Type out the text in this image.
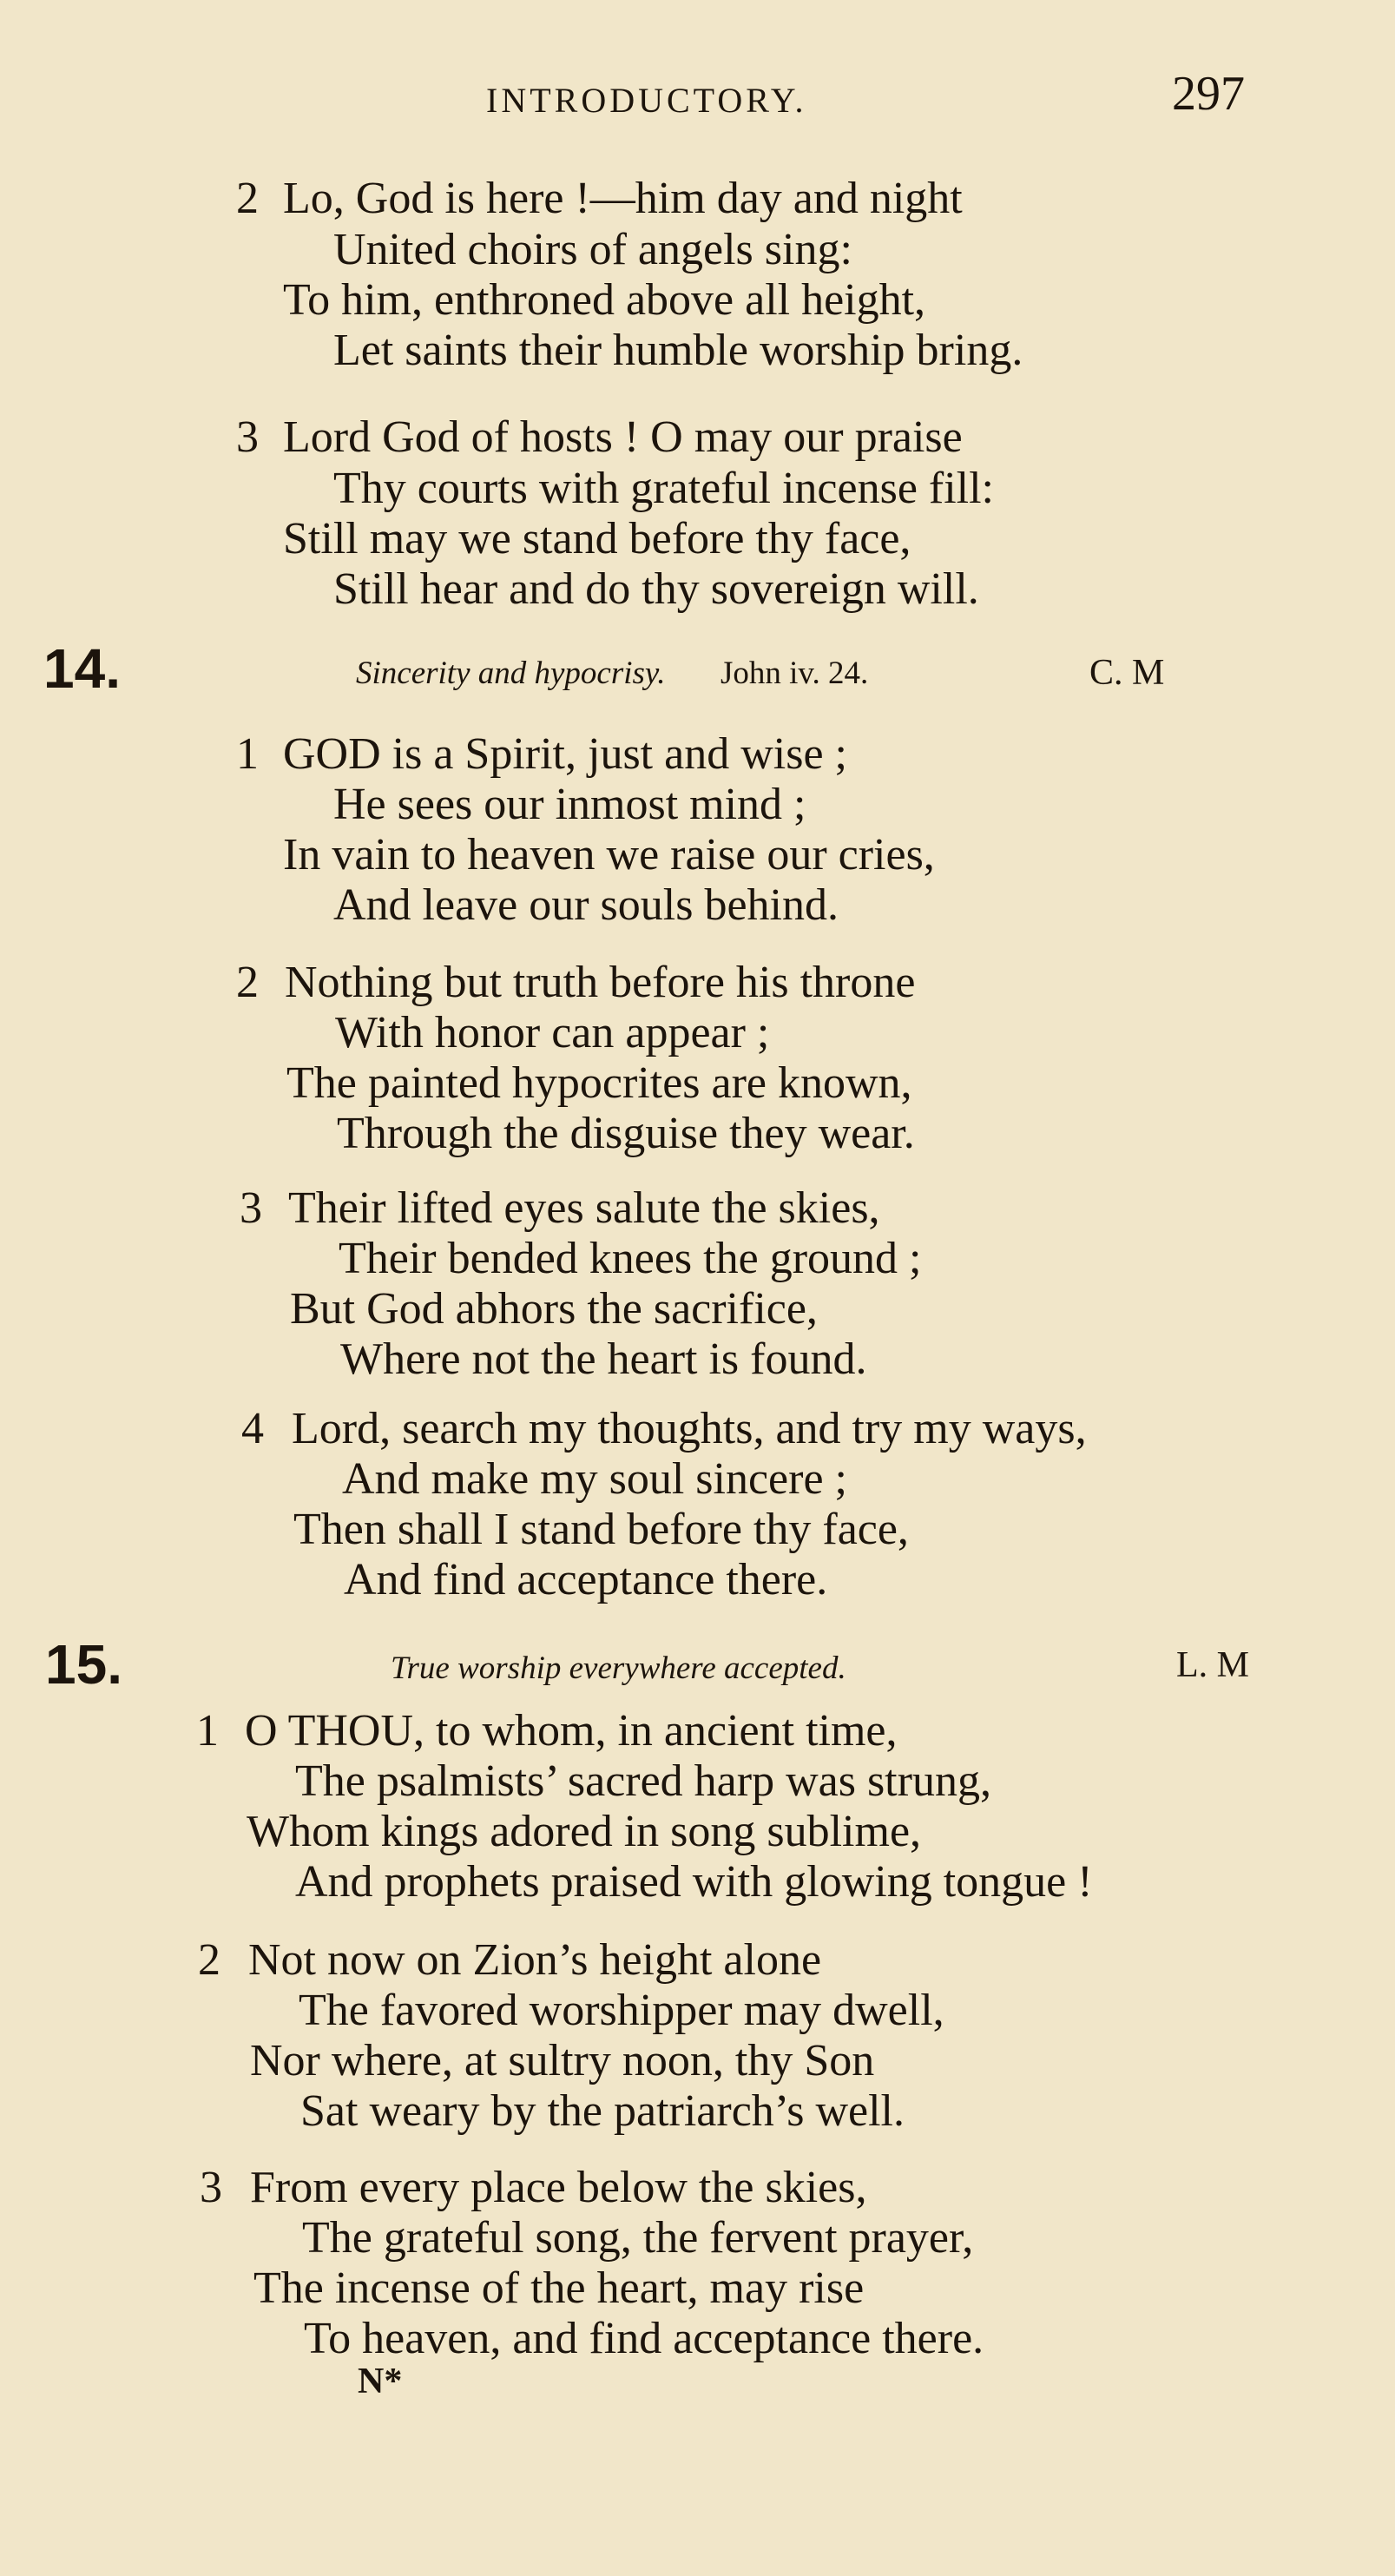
INTRODUCTORY.	297
2 Lo, God is here !—him day and night
United choirs of angels sing:
To him, enthroned above all height,
Let saints their humble worship bring.
3 Lord God of hosts ! O may our praise
Thy courts with grateful incense fill:
Still may we stand before thy face,
Still hear and do thy sovereign will.
14.	Sincerity and hypocrisy. John iv. 24.	C. M
1 GOD is a Spirit, just and wise ;
He sees our inmost mind ;
In vain to heaven we raise our cries,
And leave our souls behind.
2 Nothing but truth before his throne
With honor can appear ;
The painted hypocrites are known,
Through the disguise they wear.
3 Their lifted eyes salute the skies,
Their bended knees the ground ;
But God abhors the sacrifice,
Where not the heart is found.
4 Lord, search my thoughts, and try my ways,
And make my soul sincere ;
Then shall I stand before thy face,
And find acceptance there.
15.	True worship everywhere accepted.	L. M
1 O THOU, to whom, in ancient time,
The psalmists’ sacred harp was strung,
Whom kings adored in song sublime,
And prophets praised with glowing tongue !
2 Not now on Zion’s height alone
The favored worshipper may dwell,
Nor where, at sultry noon, thy Son
Sat weary by the patriarch’s well.
3 From every place below the skies,
The grateful song, the fervent prayer,
The incense of the heart, may rise
To heaven, and find acceptance there.
N*
